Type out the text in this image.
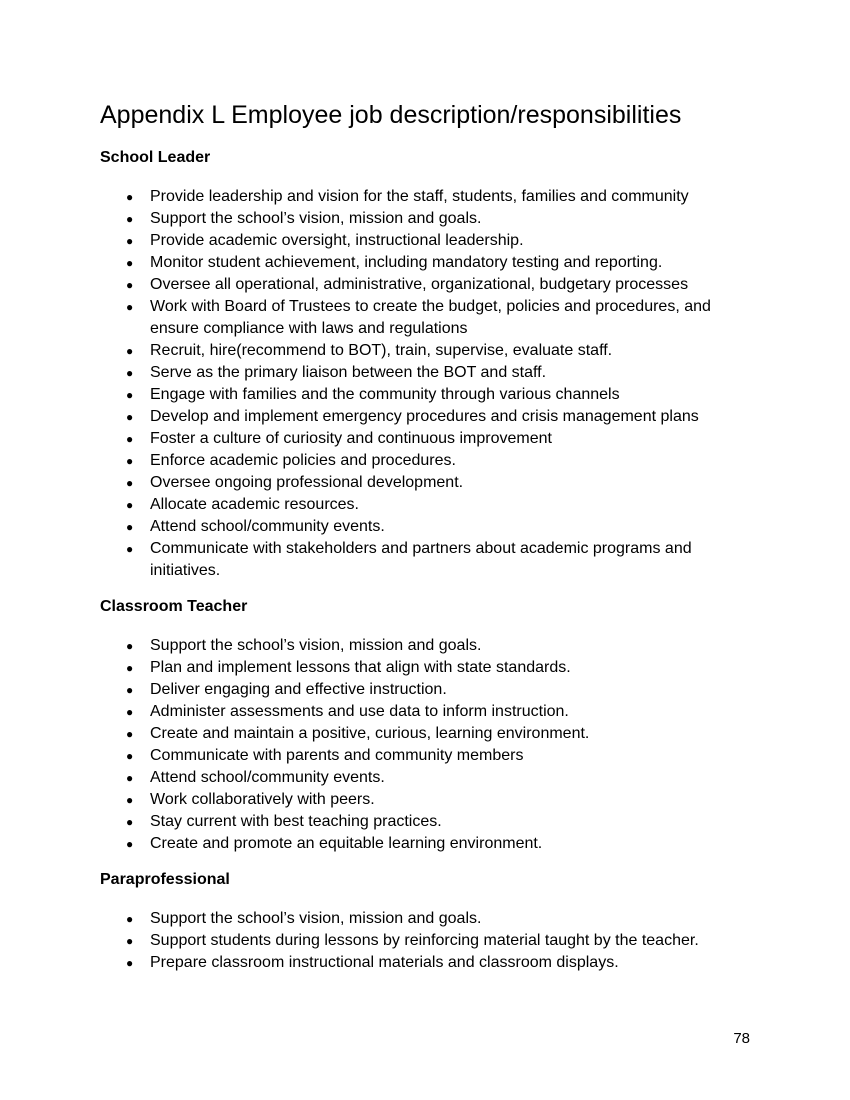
Appendix L Employee job description/responsibilities
School Leader
● Provide leadership and vision for the staff, students, families and community
● Support the school’s vision, mission and goals.
● Provide academic oversight, instructional leadership.
● Monitor student achievement, including mandatory testing and reporting.
● Oversee all operational, administrative, organizational, budgetary processes
● Work with Board of Trustees to create the budget, policies and procedures, and ensure compliance with laws and regulations
● Recruit, hire(recommend to BOT), train, supervise, evaluate staff.
● Serve as the primary liaison between the BOT and staff.
● Engage with families and the community through various channels
● Develop and implement emergency procedures and crisis management plans
● Foster a culture of curiosity and continuous improvement
● Enforce academic policies and procedures.
● Oversee ongoing professional development.
● Allocate academic resources.
● Attend school/community events.
● Communicate with stakeholders and partners about academic programs and initiatives.
Classroom Teacher
● Support the school’s vision, mission and goals.
● Plan and implement lessons that align with state standards.
● Deliver engaging and effective instruction.
● Administer assessments and use data to inform instruction.
● Create and maintain a positive, curious, learning environment.
● Communicate with parents and community members
● Attend school/community events.
● Work collaboratively with peers.
● Stay current with best teaching practices.
● Create and promote an equitable learning environment.
Paraprofessional
● Support the school’s vision, mission and goals.
● Support students during lessons by reinforcing material taught by the teacher.
● Prepare classroom instructional materials and classroom displays.
78
